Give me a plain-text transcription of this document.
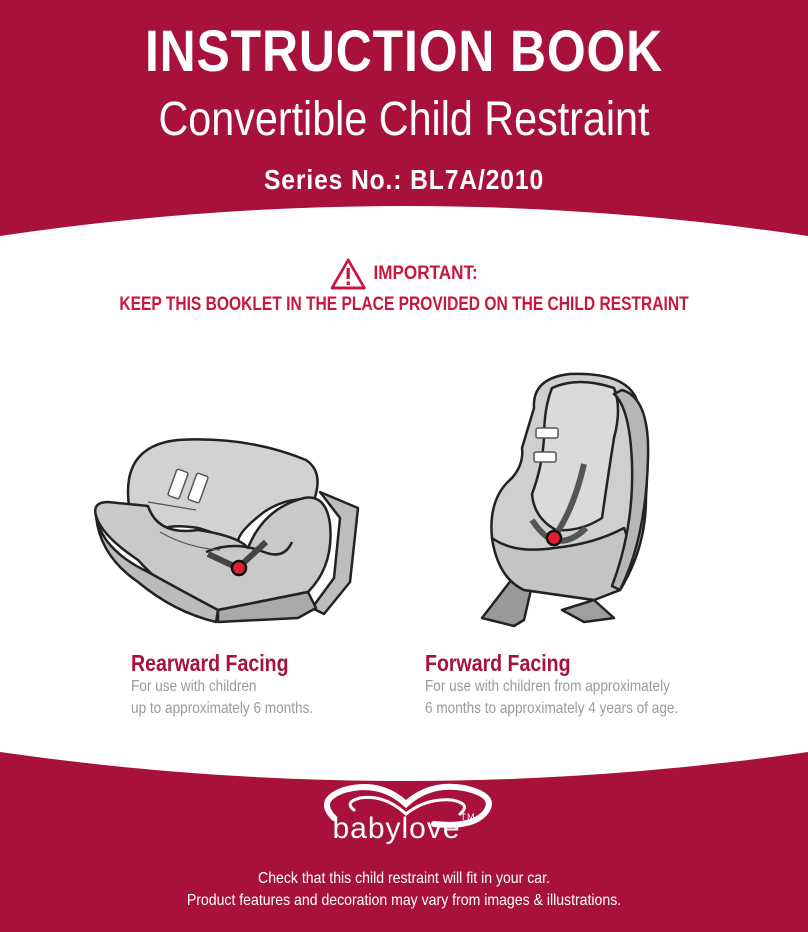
INSTRUCTION BOOK
Convertible Child Restraint
Series No.: BL7A/2010
IMPORTANT:
KEEP THIS BOOKLET IN THE PLACE PROVIDED ON THE CHILD RESTRAINT
Rearward Facing

For use with children

up to approximately 6 months.

Forward Facing

For use with children from approximately

6 months to approximately 4 years of age.

babylove™
Check that this child restraint will fit in your car.
Product features and decoration may vary from images & illustrations.
